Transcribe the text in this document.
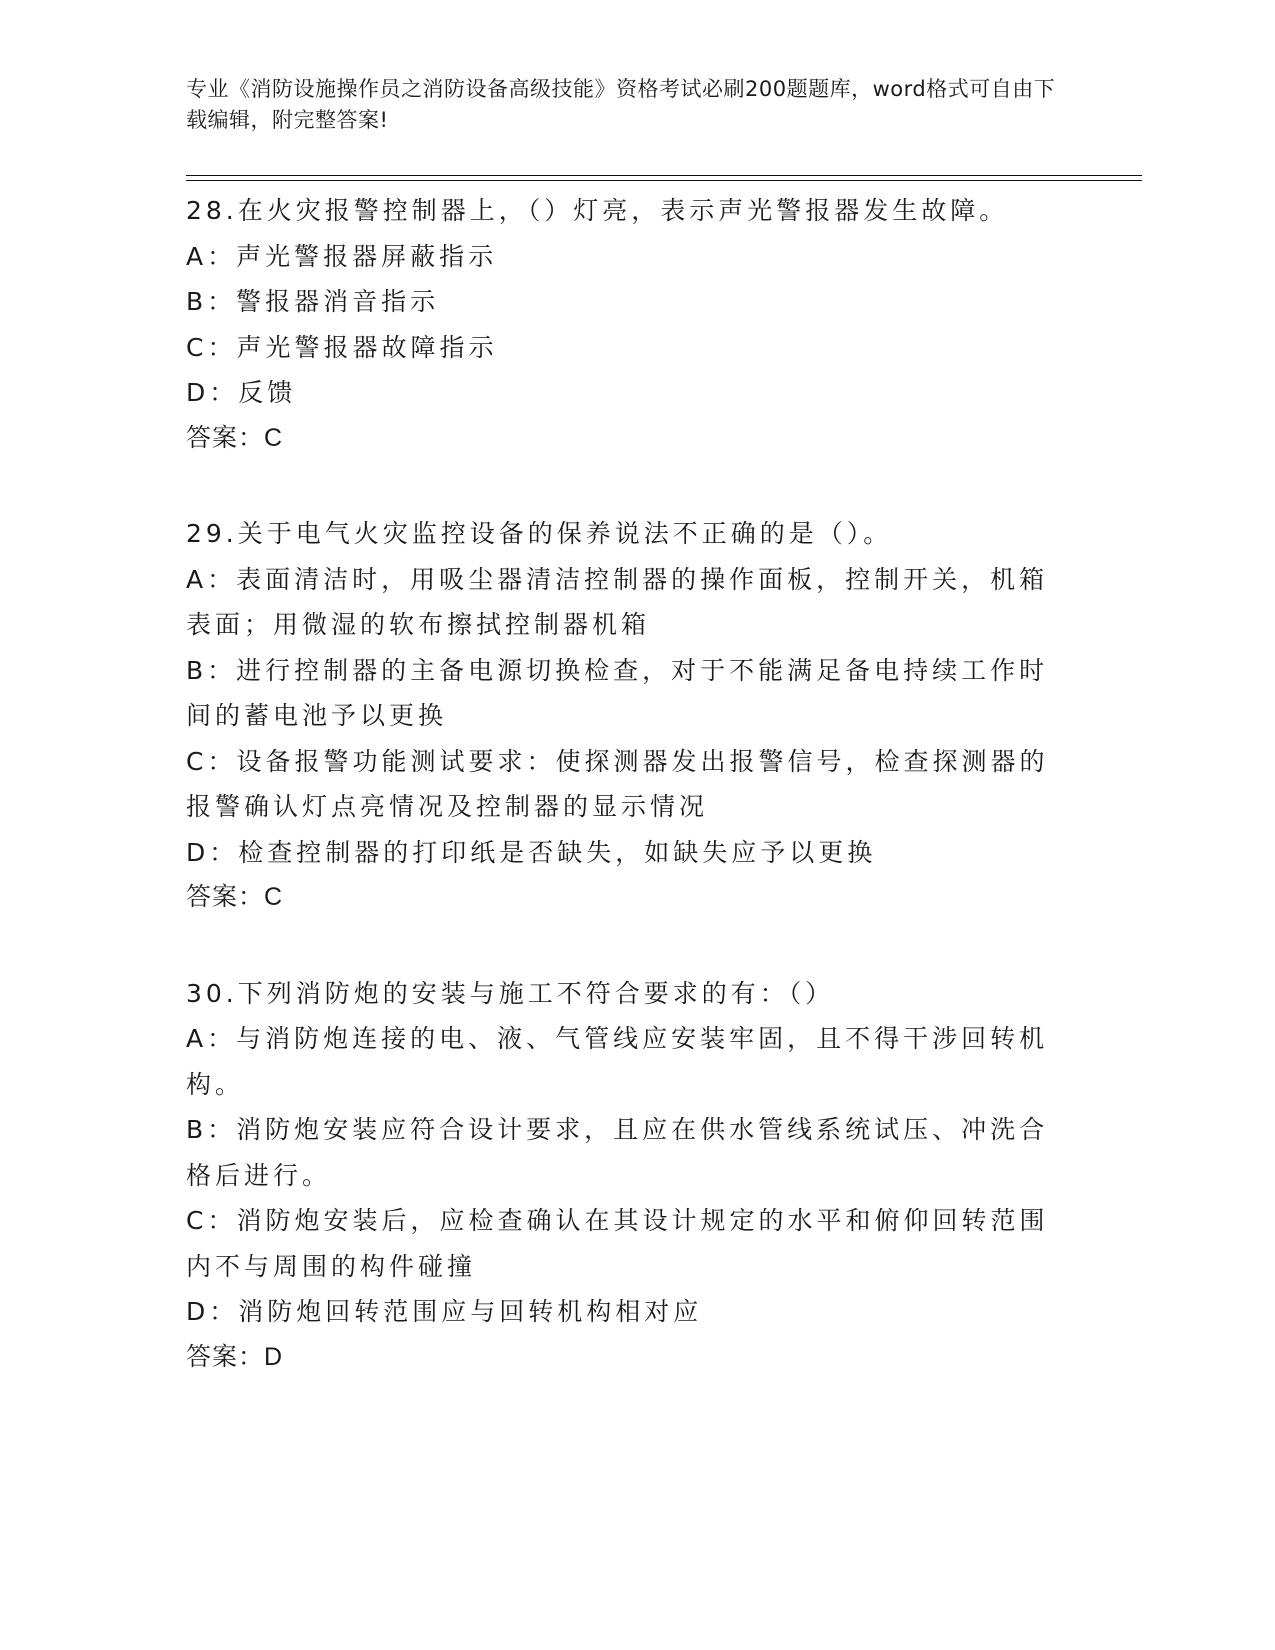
专业《消防设施操作员之消防设备高级技能》资格考试必刷200题题库，word格式可自由下载编辑，附完整答案!
28.在火灾报警控制器上，（）灯亮，表示声光警报器发生故障。
A：声光警报器屏蔽指示
B：警报器消音指示
C：声光警报器故障指示
D：反馈
答案：C
29.关于电气火灾监控设备的保养说法不正确的是（）。
A：表面清洁时，用吸尘器清洁控制器的操作面板，控制开关，机箱表面；用微湿的软布擦拭控制器机箱
B：进行控制器的主备电源切换检查，对于不能满足备电持续工作时间的蓄电池予以更换
C：设备报警功能测试要求：使探测器发出报警信号，检查探测器的报警确认灯点亮情况及控制器的显示情况
D：检查控制器的打印纸是否缺失，如缺失应予以更换
答案：C
30.下列消防炮的安装与施工不符合要求的有：（）
A：与消防炮连接的电、液、气管线应安装牢固，且不得干涉回转机构。
B：消防炮安装应符合设计要求，且应在供水管线系统试压、冲洗合格后进行。
C：消防炮安装后，应检查确认在其设计规定的水平和俯仰回转范围内不与周围的构件碰撞
D：消防炮回转范围应与回转机构相对应
答案：D
